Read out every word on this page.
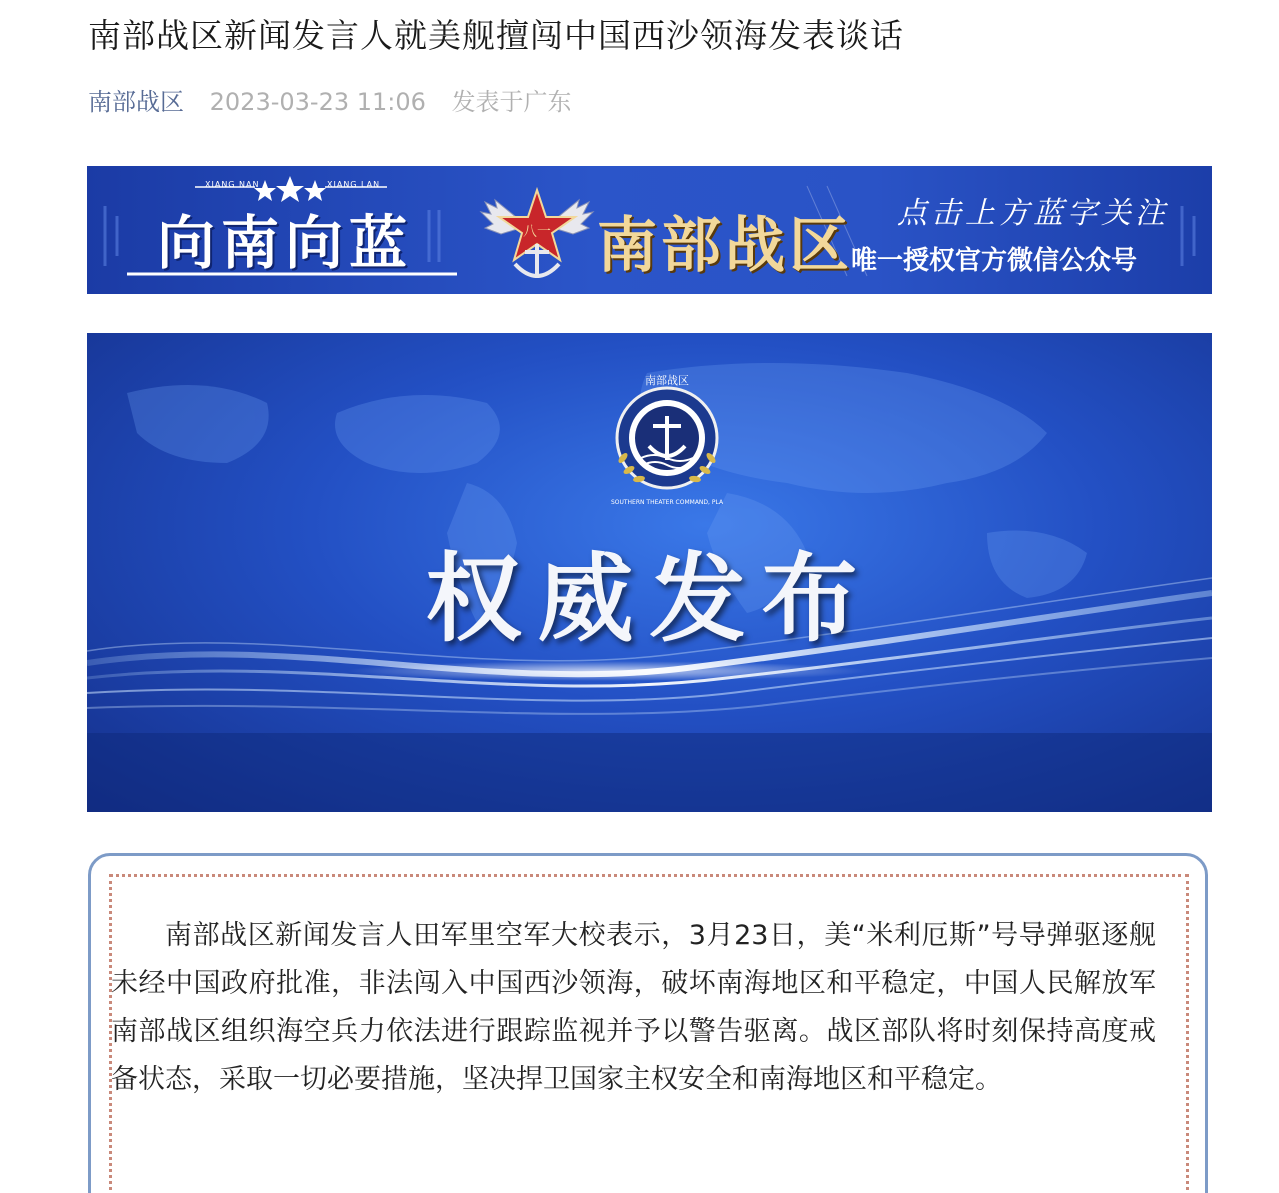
南部战区新闻发言人就美舰擅闯中国西沙领海发表谈话
南部战区 2023-03-23 11:06 发表于广东
八一
XIANG NAN	XIANG LAN
向南向蓝	南部战区 点击上方蓝字关注
唯一授权官方微信公众号
南部战区
SOUTHERN THEATER COMMAND, PLA
权威发布

南部战区新闻发言人田军里空军大校表示，3月23日，美“米利厄斯”号导弹驱逐舰未经中国政府批准，非法闯入中国西沙领海，破坏南海地区和平稳定，中国人民解放军南部战区组织海空兵力依法进行跟踪监视并予以警告驱离。战区部队将时刻保持高度戒备状态，采取一切必要措施，坚决捍卫国家主权安全和南海地区和平稳定。
